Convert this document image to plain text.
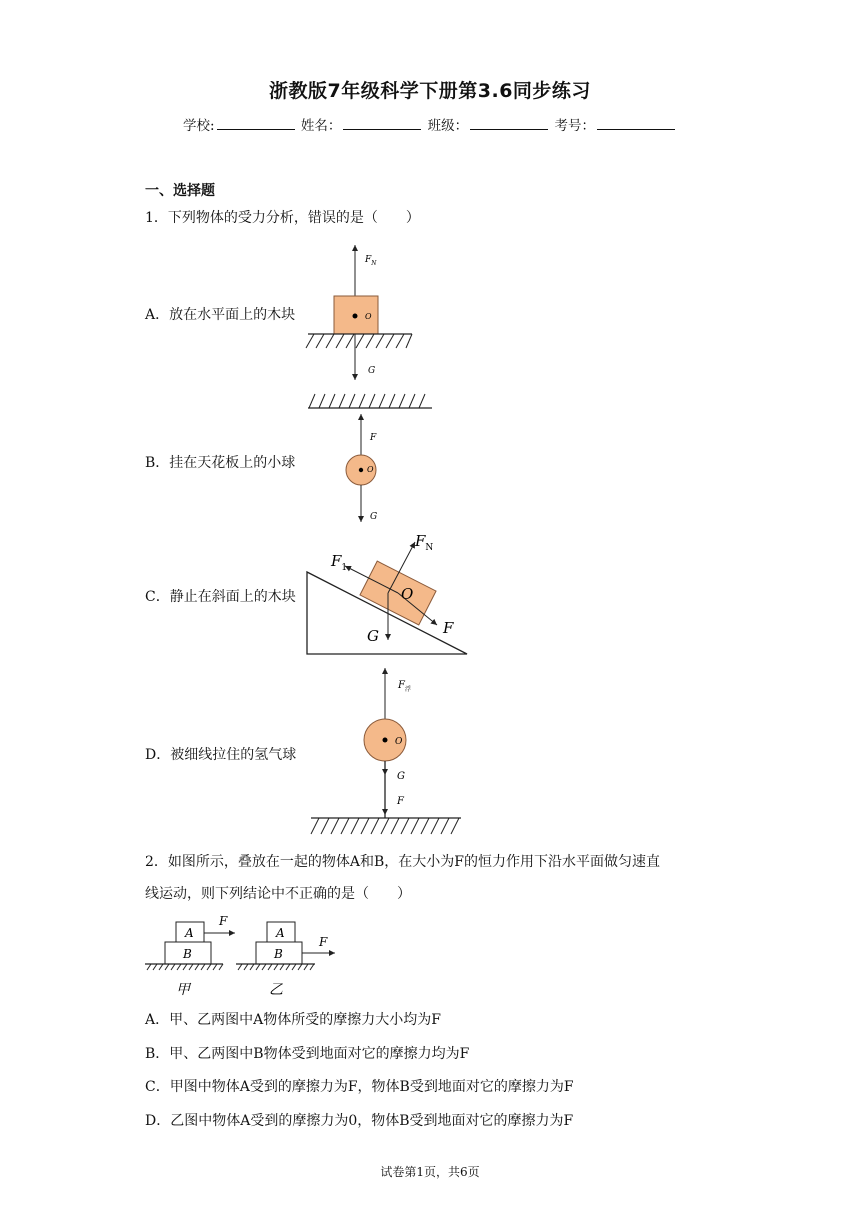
浙教版7年级科学下册第3.6同步练习
学校:	姓名：	班级：	考号：
一、选择题
1．下列物体的受力分析，错误的是（　　）
A．放在水平面上的木块
$F_N$
O
G
B．挂在天花板上的小球
F
O
G
C．静止在斜面上的木块
$F_1$
$F_N$
O
F
G
D．被细线拉住的氢气球
$F_浮$
O
G
F
2．如图所示，叠放在一起的物体A和B，在大小为F的恒力作用下沿水平面做匀速直
线运动，则下列结论中不正确的是（　　）
A
B
F
甲
A
B
F
乙
A．甲、乙两图中A物体所受的摩擦力大小均为F
B．甲、乙两图中B物体受到地面对它的摩擦力均为F
C．甲图中物体A受到的摩擦力为F，物体B受到地面对它的摩擦力为F
D．乙图中物体A受到的摩擦力为0，物体B受到地面对它的摩擦力为F
试卷第1页，共6页
